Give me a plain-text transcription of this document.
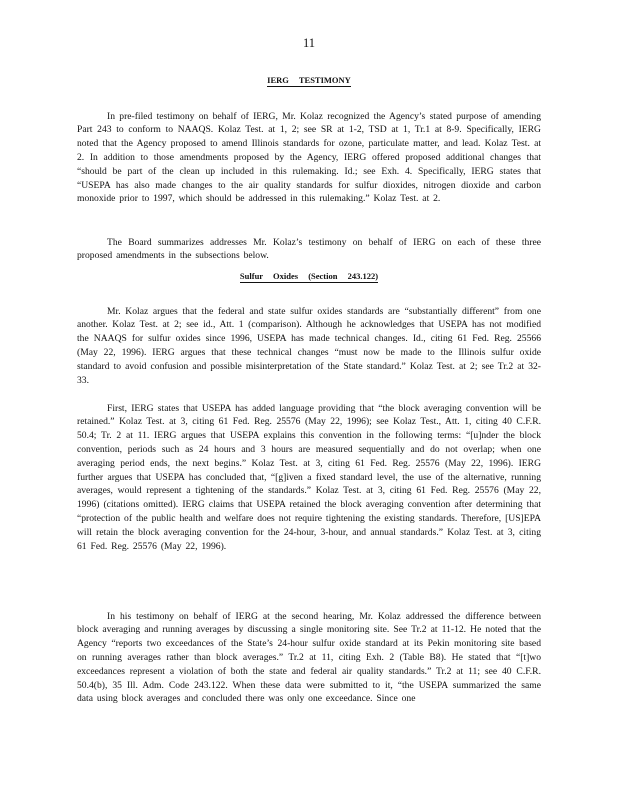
11
IERG TESTIMONY

In pre-filed testimony on behalf of IERG, Mr. Kolaz recognized the Agency’s stated purpose of amending Part 243 to conform to NAAQS. Kolaz Test. at 1, 2; see SR at 1-2, TSD at 1, Tr.1 at 8-9. Specifically, IERG noted that the Agency proposed to amend Illinois standards for ozone, particulate matter, and lead. Kolaz Test. at 2. In addition to those amendments proposed by the Agency, IERG offered proposed additional changes that “should be part of the clean up included in this rulemaking. Id.; see Exh. 4. Specifically, IERG states that “USEPA has also made changes to the air quality standards for sulfur dioxides, nitrogen dioxide and carbon monoxide prior to 1997, which should be addressed in this rulemaking.” Kolaz Test. at 2.

The Board summarizes addresses Mr. Kolaz’s testimony on behalf of IERG on each of these three proposed amendments in the subsections below.

Sulfur Oxides (Section 243.122)

Mr. Kolaz argues that the federal and state sulfur oxides standards are “substantially different” from one another. Kolaz Test. at 2; see id., Att. 1 (comparison). Although he acknowledges that USEPA has not modified the NAAQS for sulfur oxides since 1996, USEPA has made technical changes. Id., citing 61 Fed. Reg. 25566 (May 22, 1996). IERG argues that these technical changes “must now be made to the Illinois sulfur oxide standard to avoid confusion and possible misinterpretation of the State standard.” Kolaz Test. at 2; see Tr.2 at 32-33.

First, IERG states that USEPA has added language providing that “the block averaging convention will be retained.” Kolaz Test. at 3, citing 61 Fed. Reg. 25576 (May 22, 1996); see Kolaz Test., Att. 1, citing 40 C.F.R. 50.4; Tr. 2 at 11. IERG argues that USEPA explains this convention in the following terms: “[u]nder the block convention, periods such as 24 hours and 3 hours are measured sequentially and do not overlap; when one averaging period ends, the next begins.” Kolaz Test. at 3, citing 61 Fed. Reg. 25576 (May 22, 1996). IERG further argues that USEPA has concluded that, “[g]iven a fixed standard level, the use of the alternative, running averages, would represent a tightening of the standards.” Kolaz Test. at 3, citing 61 Fed. Reg. 25576 (May 22, 1996) (citations omitted). IERG claims that USEPA retained the block averaging convention after determining that “protection of the public health and welfare does not require tightening the existing standards. Therefore, [US]EPA will retain the block averaging convention for the 24-hour, 3-hour, and annual standards.” Kolaz Test. at 3, citing 61 Fed. Reg. 25576 (May 22, 1996).

In his testimony on behalf of IERG at the second hearing, Mr. Kolaz addressed the difference between block averaging and running averages by discussing a single monitoring site. See Tr.2 at 11-12. He noted that the Agency “reports two exceedances of the State’s 24-hour sulfur oxide standard at its Pekin monitoring site based on running averages rather than block averages.” Tr.2 at 11, citing Exh. 2 (Table B8). He stated that “[t]wo exceedances represent a violation of both the state and federal air quality standards.” Tr.2 at 11; see 40 C.F.R. 50.4(b), 35 Ill. Adm. Code 243.122. When these data were submitted to it, “the USEPA summarized the same data using block averages and concluded there was only one exceedance. Since one
